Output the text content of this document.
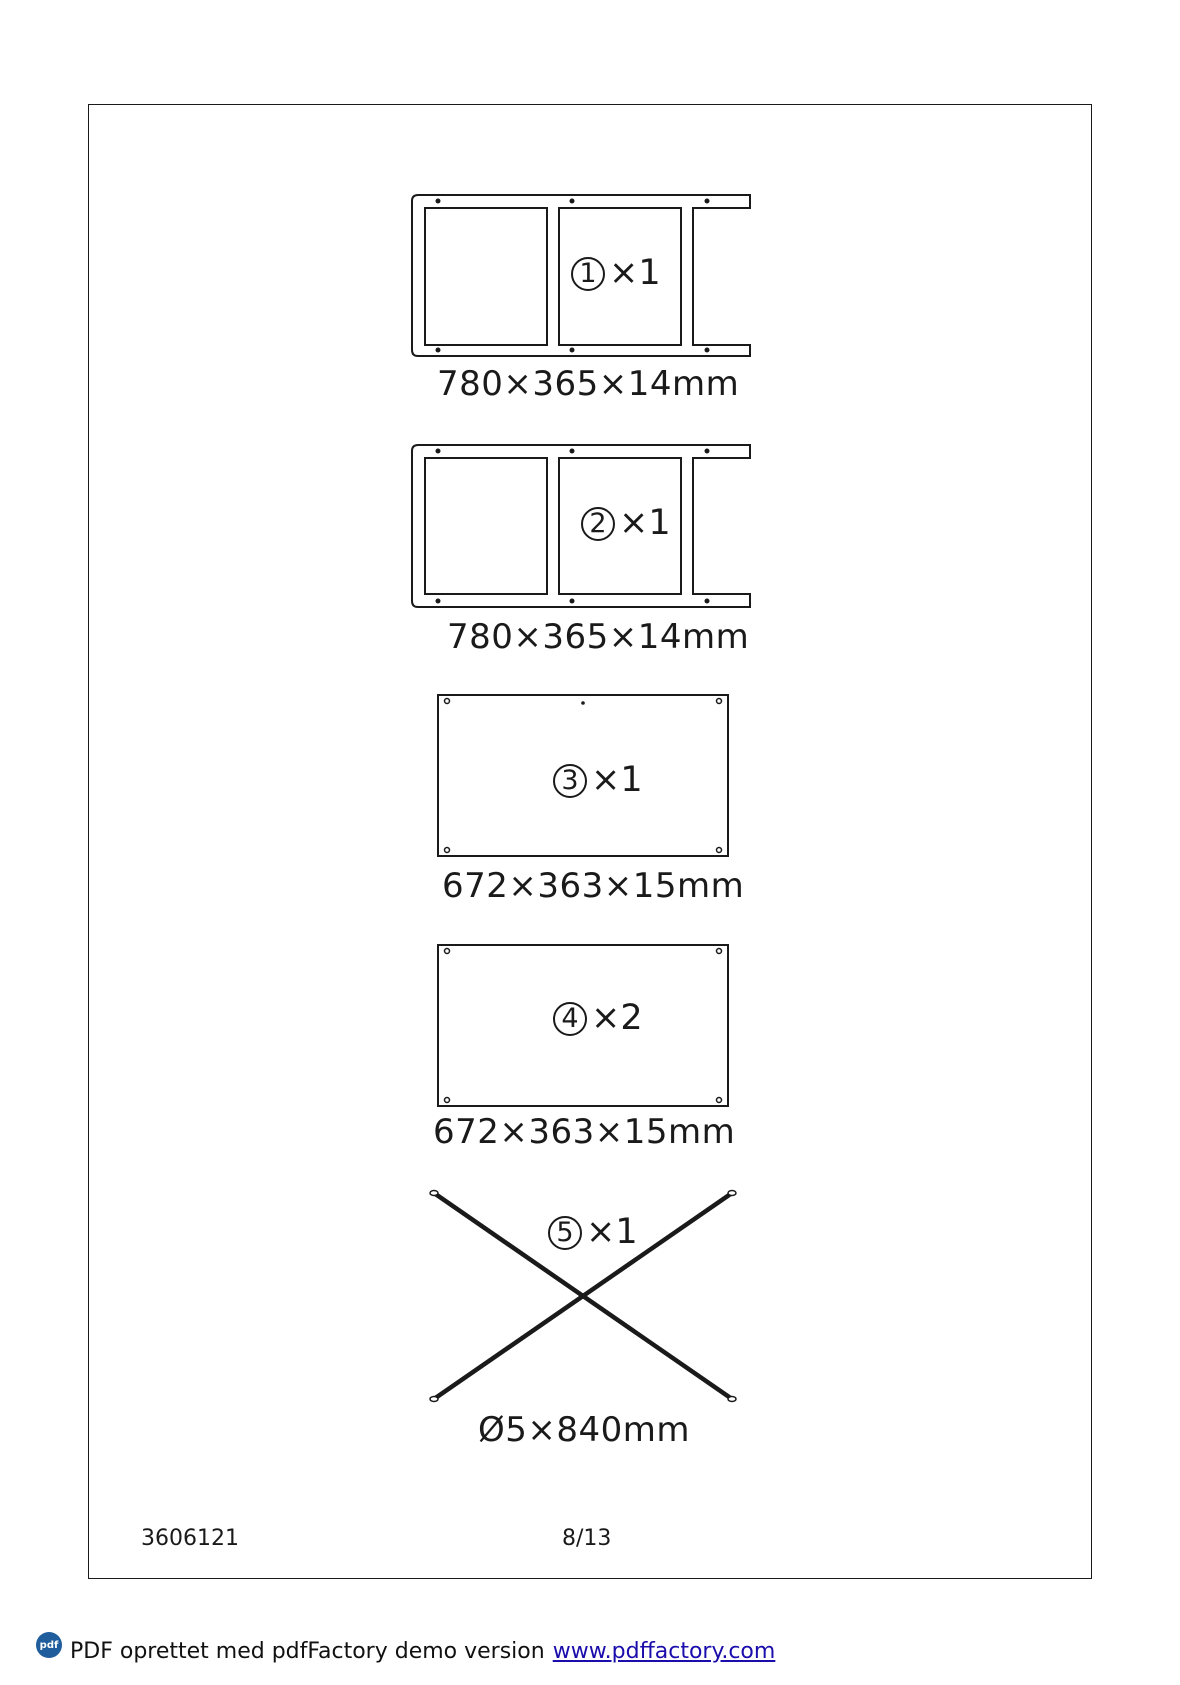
1 ×1
780×365×14mm
2 ×1
780×365×14mm
3 ×1
672×363×15mm
4 ×2
672×363×15mm
5 ×1
Ø5×840mm
3606121	8/13
pdf PDF oprettet med pdfFactory demo version www.pdffactory.com
